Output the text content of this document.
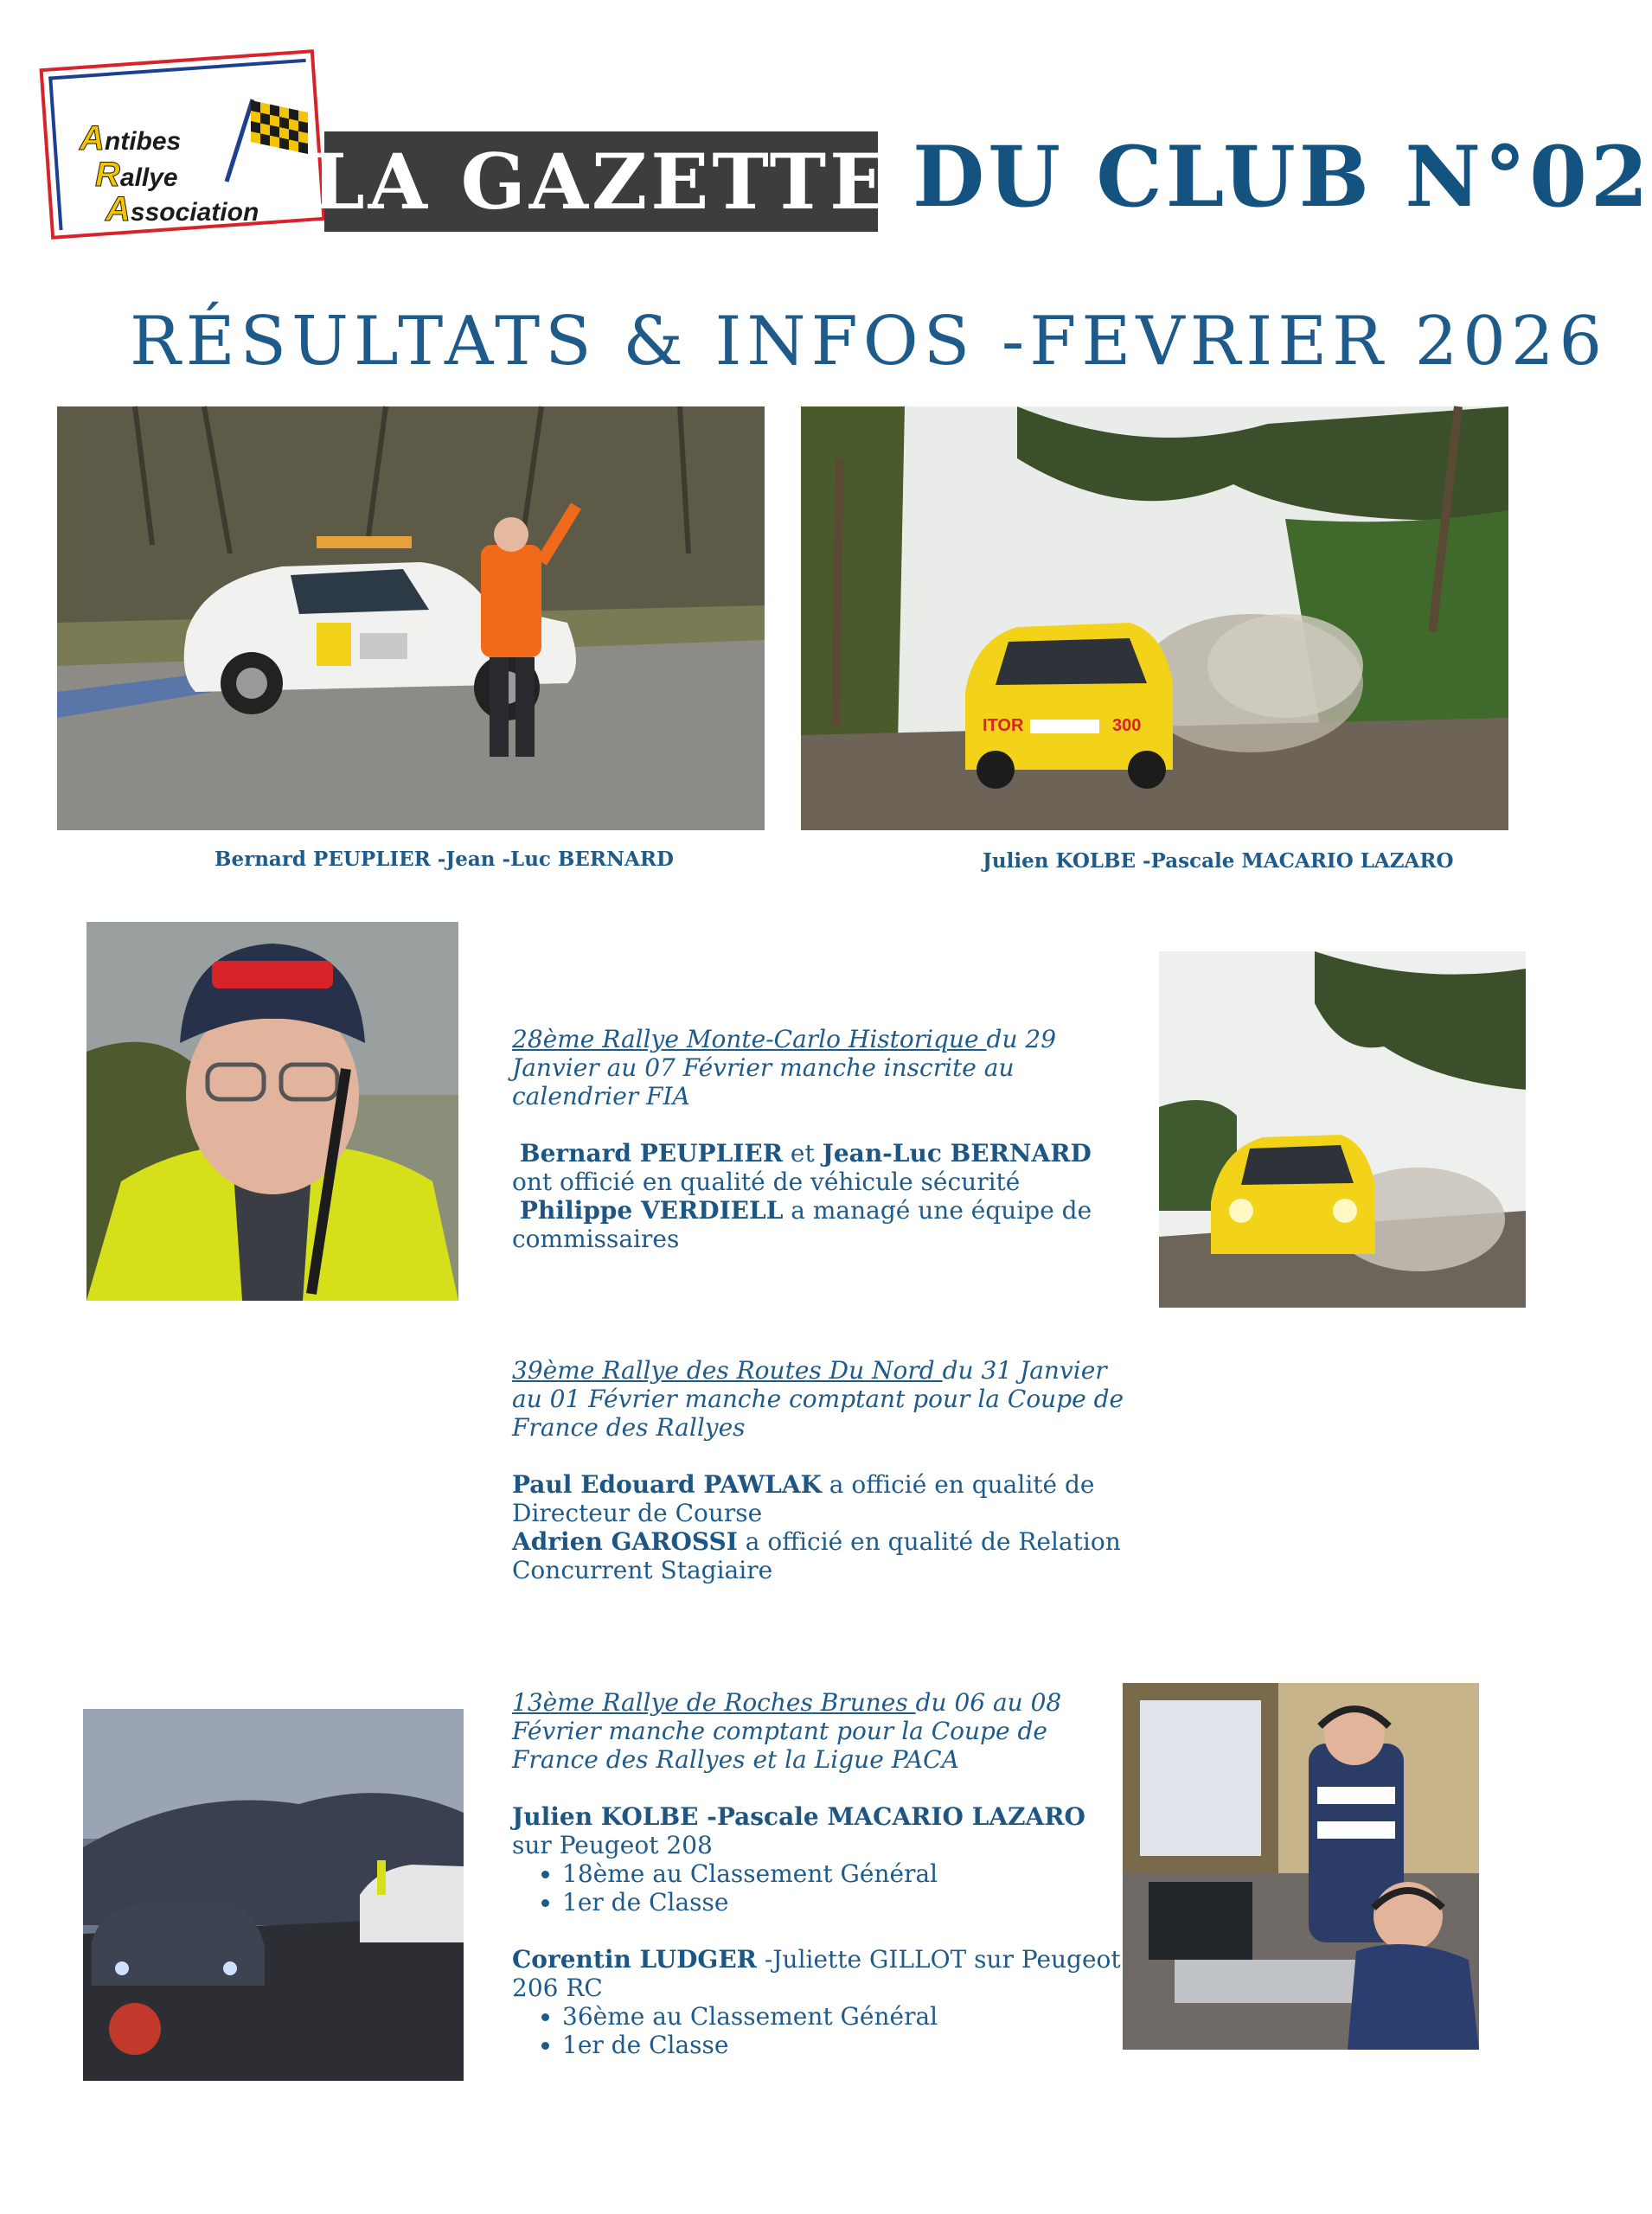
Antibes
Rallye
Association LA GAZETTE DU CLUB N°02
RÉSULTATS & INFOS -FEVRIER 2026
Bernard PEUPLIER -Jean -Luc BERNARD
ITOR	300
Julien KOLBE -Pascale MACARIO LAZARO

28ème Rallye Monte-Carlo Historique du 29 Janvier au 07 Février manche inscrite au calendrier FIA

Bernard PEUPLIER et Jean-Luc BERNARD ont officié en qualité de véhicule sécurité

Philippe VERDIELL a managé une équipe de commissaires

39ème Rallye des Routes Du Nord du 31 Janvier au 01 Février manche comptant pour la Coupe de France des Rallyes

Paul Edouard PAWLAK a officié en qualité de Directeur de Course

Adrien GAROSSI a officié en qualité de Relation Concurrent Stagiaire

13ème Rallye de Roches Brunes du 06 au 08 Février manche comptant pour la Coupe de France des Rallyes et la Ligue PACA

Julien KOLBE -Pascale MACARIO LAZARO

sur Peugeot 208

• 18ème au Classement Général
• 1er de Classe

Corentin LUDGER -Juliette GILLOT sur Peugeot 206 RC

• 36ème au Classement Général
• 1er de Classe
